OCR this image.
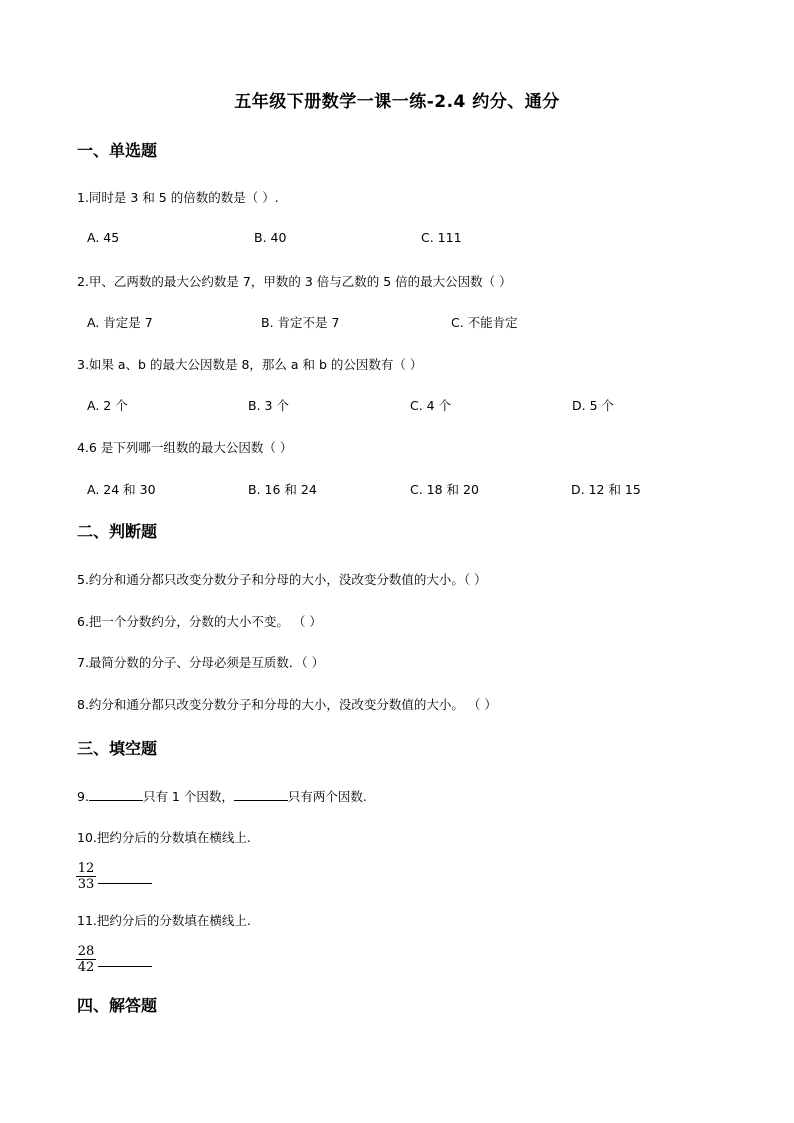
五年级下册数学一课一练-2.4 约分、通分
一、单选题
1.同时是 3 和 5 的倍数的数是（ ）.
A. 45	B. 40	C. 111
2.甲、乙两数的最大公约数是 7，甲数的 3 倍与乙数的 5 倍的最大公因数（ ）
A. 肯定是 7	B. 肯定不是 7	C. 不能肯定
3.如果 a、b 的最大公因数是 8，那么 a 和 b 的公因数有（ ）
A. 2 个	B. 3 个	C. 4 个	D. 5 个
4.6 是下列哪一组数的最大公因数（ ）
A. 24 和 30	B. 16 和 24	C. 18 和 20	D. 12 和 15
二、判断题
5.约分和通分都只改变分数分子和分母的大小，没改变分数值的大小。（ ）
6.把一个分数约分，分数的大小不变。 （ ）
7.最简分数的分子、分母必须是互质数．（ ）
8.约分和通分都只改变分数分子和分母的大小，没改变分数值的大小。 （ ）
三、填空题
9.	只有 1 个因数，	只有两个因数.
10.把约分后的分数填在横线上.
12
33
11.把约分后的分数填在横线上.
28
42
四、解答题
